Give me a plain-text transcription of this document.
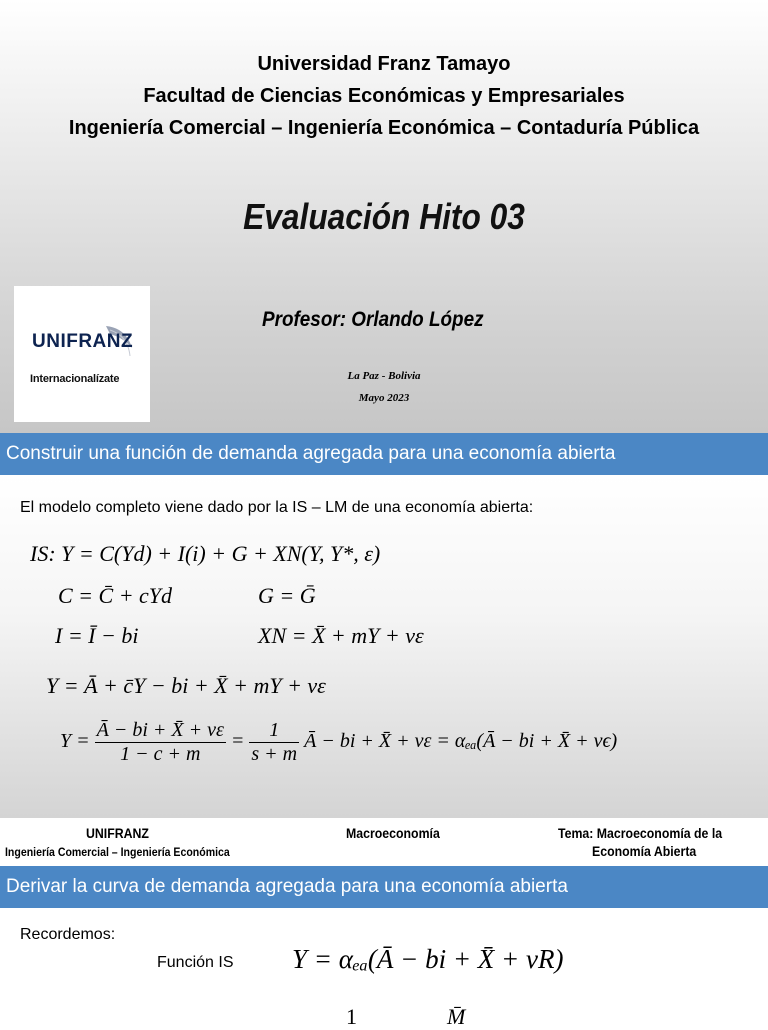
Universidad Franz Tamayo
Facultad de Ciencias Económicas y Empresariales
Ingeniería Comercial – Ingeniería Económica – Contaduría Pública
Evaluación Hito 03
UNIFRANZ
Internacionalízate
Profesor: Orlando López
La Paz - Bolivia
Mayo 2023
Construir una función de demanda agregada para una economía abierta
El modelo completo viene dado por la IS – LM de una economía abierta:
IS: Y = C(Yd) + I(i) + G + XN(Y, Y*, ε)
C = C̄ + cYd	G = Ḡ
I = Ī − bi	XN = X̄ + mY + vε
Y = Ā + c̄Y − bi + X̄ + mY + vε
$Y = \frac{Ā - bi + X̄ + v\varepsilon}{1 - c + m} = \frac{1}{s + m}$ Ā − bi + X̄ + vε = αₑₐ(Ā − bi + X̄ + vϵ)
UNIFRANZ
Ingeniería Comercial – Ingeniería Económica
Macroeconomía	Tema: Macroeconomía de la
Economía Abierta
Derivar la curva de demanda agregada para una economía abierta
Recordemos:
Función IS Y = αₑₐ(Ā − bi + X̄ + vR)
1	M̄
